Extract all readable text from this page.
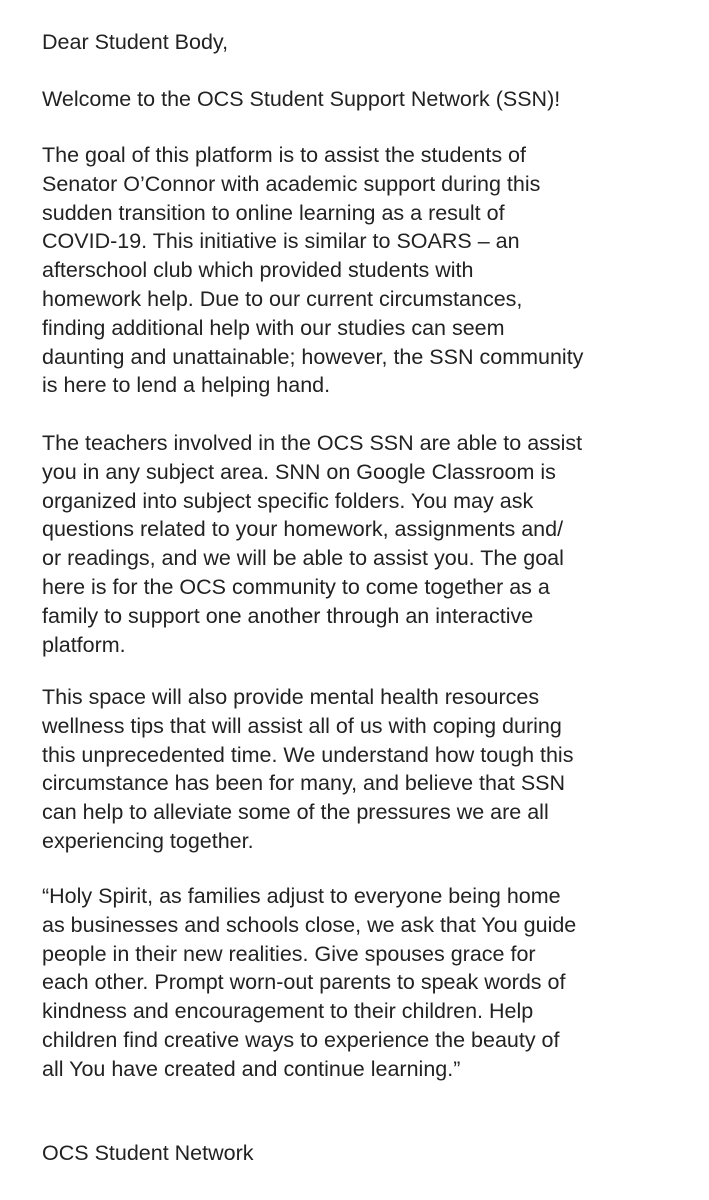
Dear Student Body,

Welcome to the OCS Student Support Network (SSN)!

The goal of this platform is to assist the students of
Senator O’Connor with academic support during this
sudden transition to online learning as a result of
COVID-19. This initiative is similar to SOARS – an
afterschool club which provided students with
homework help. Due to our current circumstances,
finding additional help with our studies can seem
daunting and unattainable; however, the SSN community
is here to lend a helping hand.

The teachers involved in the OCS SSN are able to assist
you in any subject area. SNN on Google Classroom is
organized into subject specific folders. You may ask
questions related to your homework, assignments and/
or readings, and we will be able to assist you. The goal
here is for the OCS community to come together as a
family to support one another through an interactive
platform.

This space will also provide mental health resources
wellness tips that will assist all of us with coping during
this unprecedented time. We understand how tough this
circumstance has been for many, and believe that SSN
can help to alleviate some of the pressures we are all
experiencing together.

“Holy Spirit, as families adjust to everyone being home
as businesses and schools close, we ask that You guide
people in their new realities. Give spouses grace for
each other. Prompt worn-out parents to speak words of
kindness and encouragement to their children. Help
children find creative ways to experience the beauty of
all You have created and continue learning.”

OCS Student Network
